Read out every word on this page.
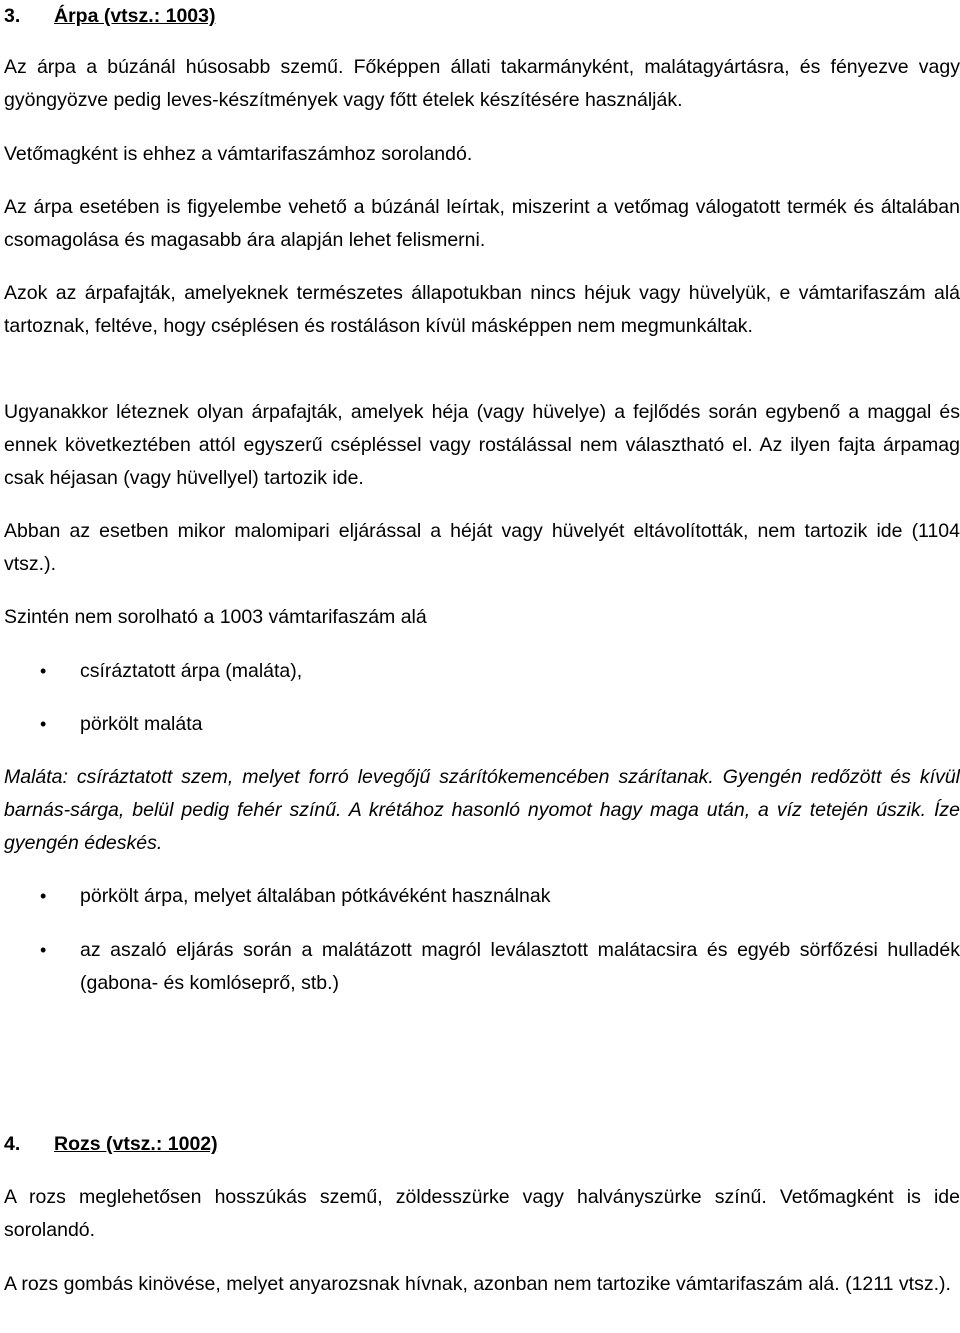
3. Árpa (vtsz.: 1003)

Az árpa a búzánál húsosabb szemű. Főképpen állati takarmányként, malátagyártásra, és fényezve vagy gyöngyözve pedig leves-készítmények vagy főtt ételek készítésére használják.

Vetőmagként is ehhez a vámtarifaszámhoz sorolandó.

Az árpa esetében is figyelembe vehető a búzánál leírtak, miszerint a vetőmag válogatott termék és általában csomagolása és magasabb ára alapján lehet felismerni.

Azok az árpafajták, amelyeknek természetes állapotukban nincs héjuk vagy hüvelyük, e vámtarifaszám alá tartoznak, feltéve, hogy cséplésen és rostáláson kívül másképpen nem megmunkáltak.

Ugyanakkor léteznek olyan árpafajták, amelyek héja (vagy hüvelye) a fejlődés során egybenő a maggal és ennek következtében attól egyszerű csépléssel vagy rostálással nem választható el. Az ilyen fajta árpamag csak héjasan (vagy hüvellyel) tartozik ide.

Abban az esetben mikor malomipari eljárással a héját vagy hüvelyét eltávolították, nem tartozik ide (1104 vtsz.).

Szintén nem sorolható a 1003 vámtarifaszám alá

• csíráztatott árpa (maláta),
• pörkölt maláta

Maláta: csíráztatott szem, melyet forró levegőjű szárítókemencében szárítanak. Gyengén redőzött és kívül barnás-sárga, belül pedig fehér színű. A krétához hasonló nyomot hagy maga után, a víz tetején úszik. Íze gyengén édeskés.

• pörkölt árpa, melyet általában pótkávéként használnak
• az aszaló eljárás során a malátázott magról leválasztott malátacsira és egyéb sörfőzési hulladék (gabona- és komlóseprő, stb.)
4. Rozs (vtsz.: 1002)

A rozs meglehetősen hosszúkás szemű, zöldesszürke vagy halványszürke színű. Vetőmagként is ide sorolandó.

A rozs gombás kinövése, melyet anyarozsnak hívnak, azonban nem tartozike vámtarifaszám alá. (1211 vtsz.).
